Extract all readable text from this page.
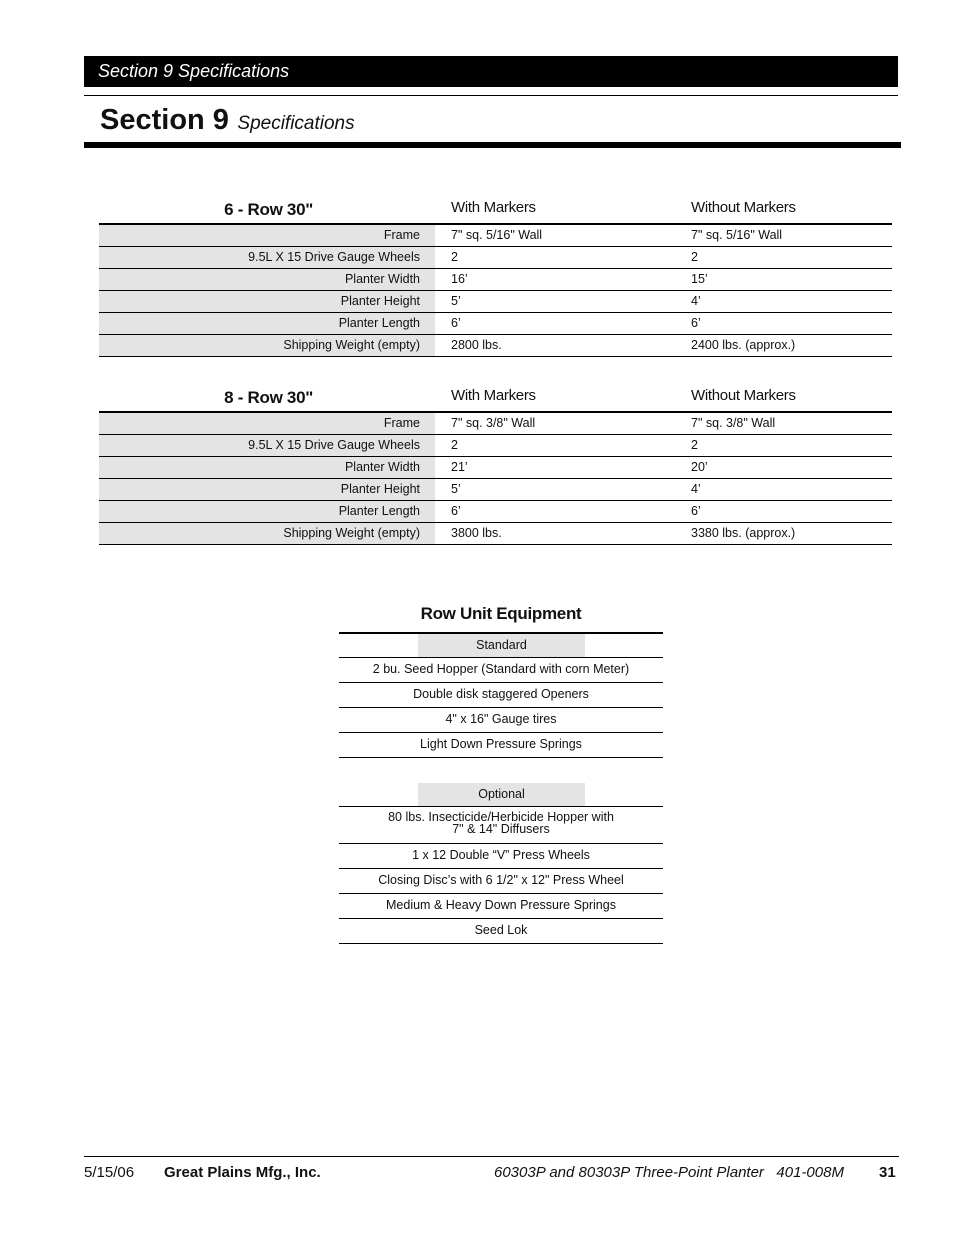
Section 9 Specifications
Section 9 Specifications
6 - Row 30"	With Markers	Without Markers
Frame	7" sq. 5/16" Wall	7" sq. 5/16" Wall
9.5L X 15 Drive Gauge Wheels	2	2
Planter Width	16’	15’
Planter Height	5’	4’
Planter Length	6’	6’
Shipping Weight (empty)	2800 lbs.	2400 lbs. (approx.)
8 - Row 30"	With Markers	Without Markers
Frame	7" sq. 3/8" Wall	7" sq. 3/8" Wall
9.5L X 15 Drive Gauge Wheels	2	2
Planter Width	21’	20’
Planter Height	5’	4’
Planter Length	6’	6’
Shipping Weight (empty)	3800 lbs.	3380 lbs. (approx.)
Row Unit Equipment
Standard
2 bu. Seed Hopper (Standard with corn Meter)
Double disk staggered Openers
4" x 16" Gauge tires
Light Down Pressure Springs
Optional
80 lbs. Insecticide/Herbicide Hopper with
7" & 14" Diffusers
1 x 12 Double “V” Press Wheels
Closing Disc’s with 6 1/2" x 12" Press Wheel
Medium & Heavy Down Pressure Springs
Seed Lok
5/15/06 Great Plains Mfg., Inc.	60303P and 80303P Three-Point Planter   401-008M 31
